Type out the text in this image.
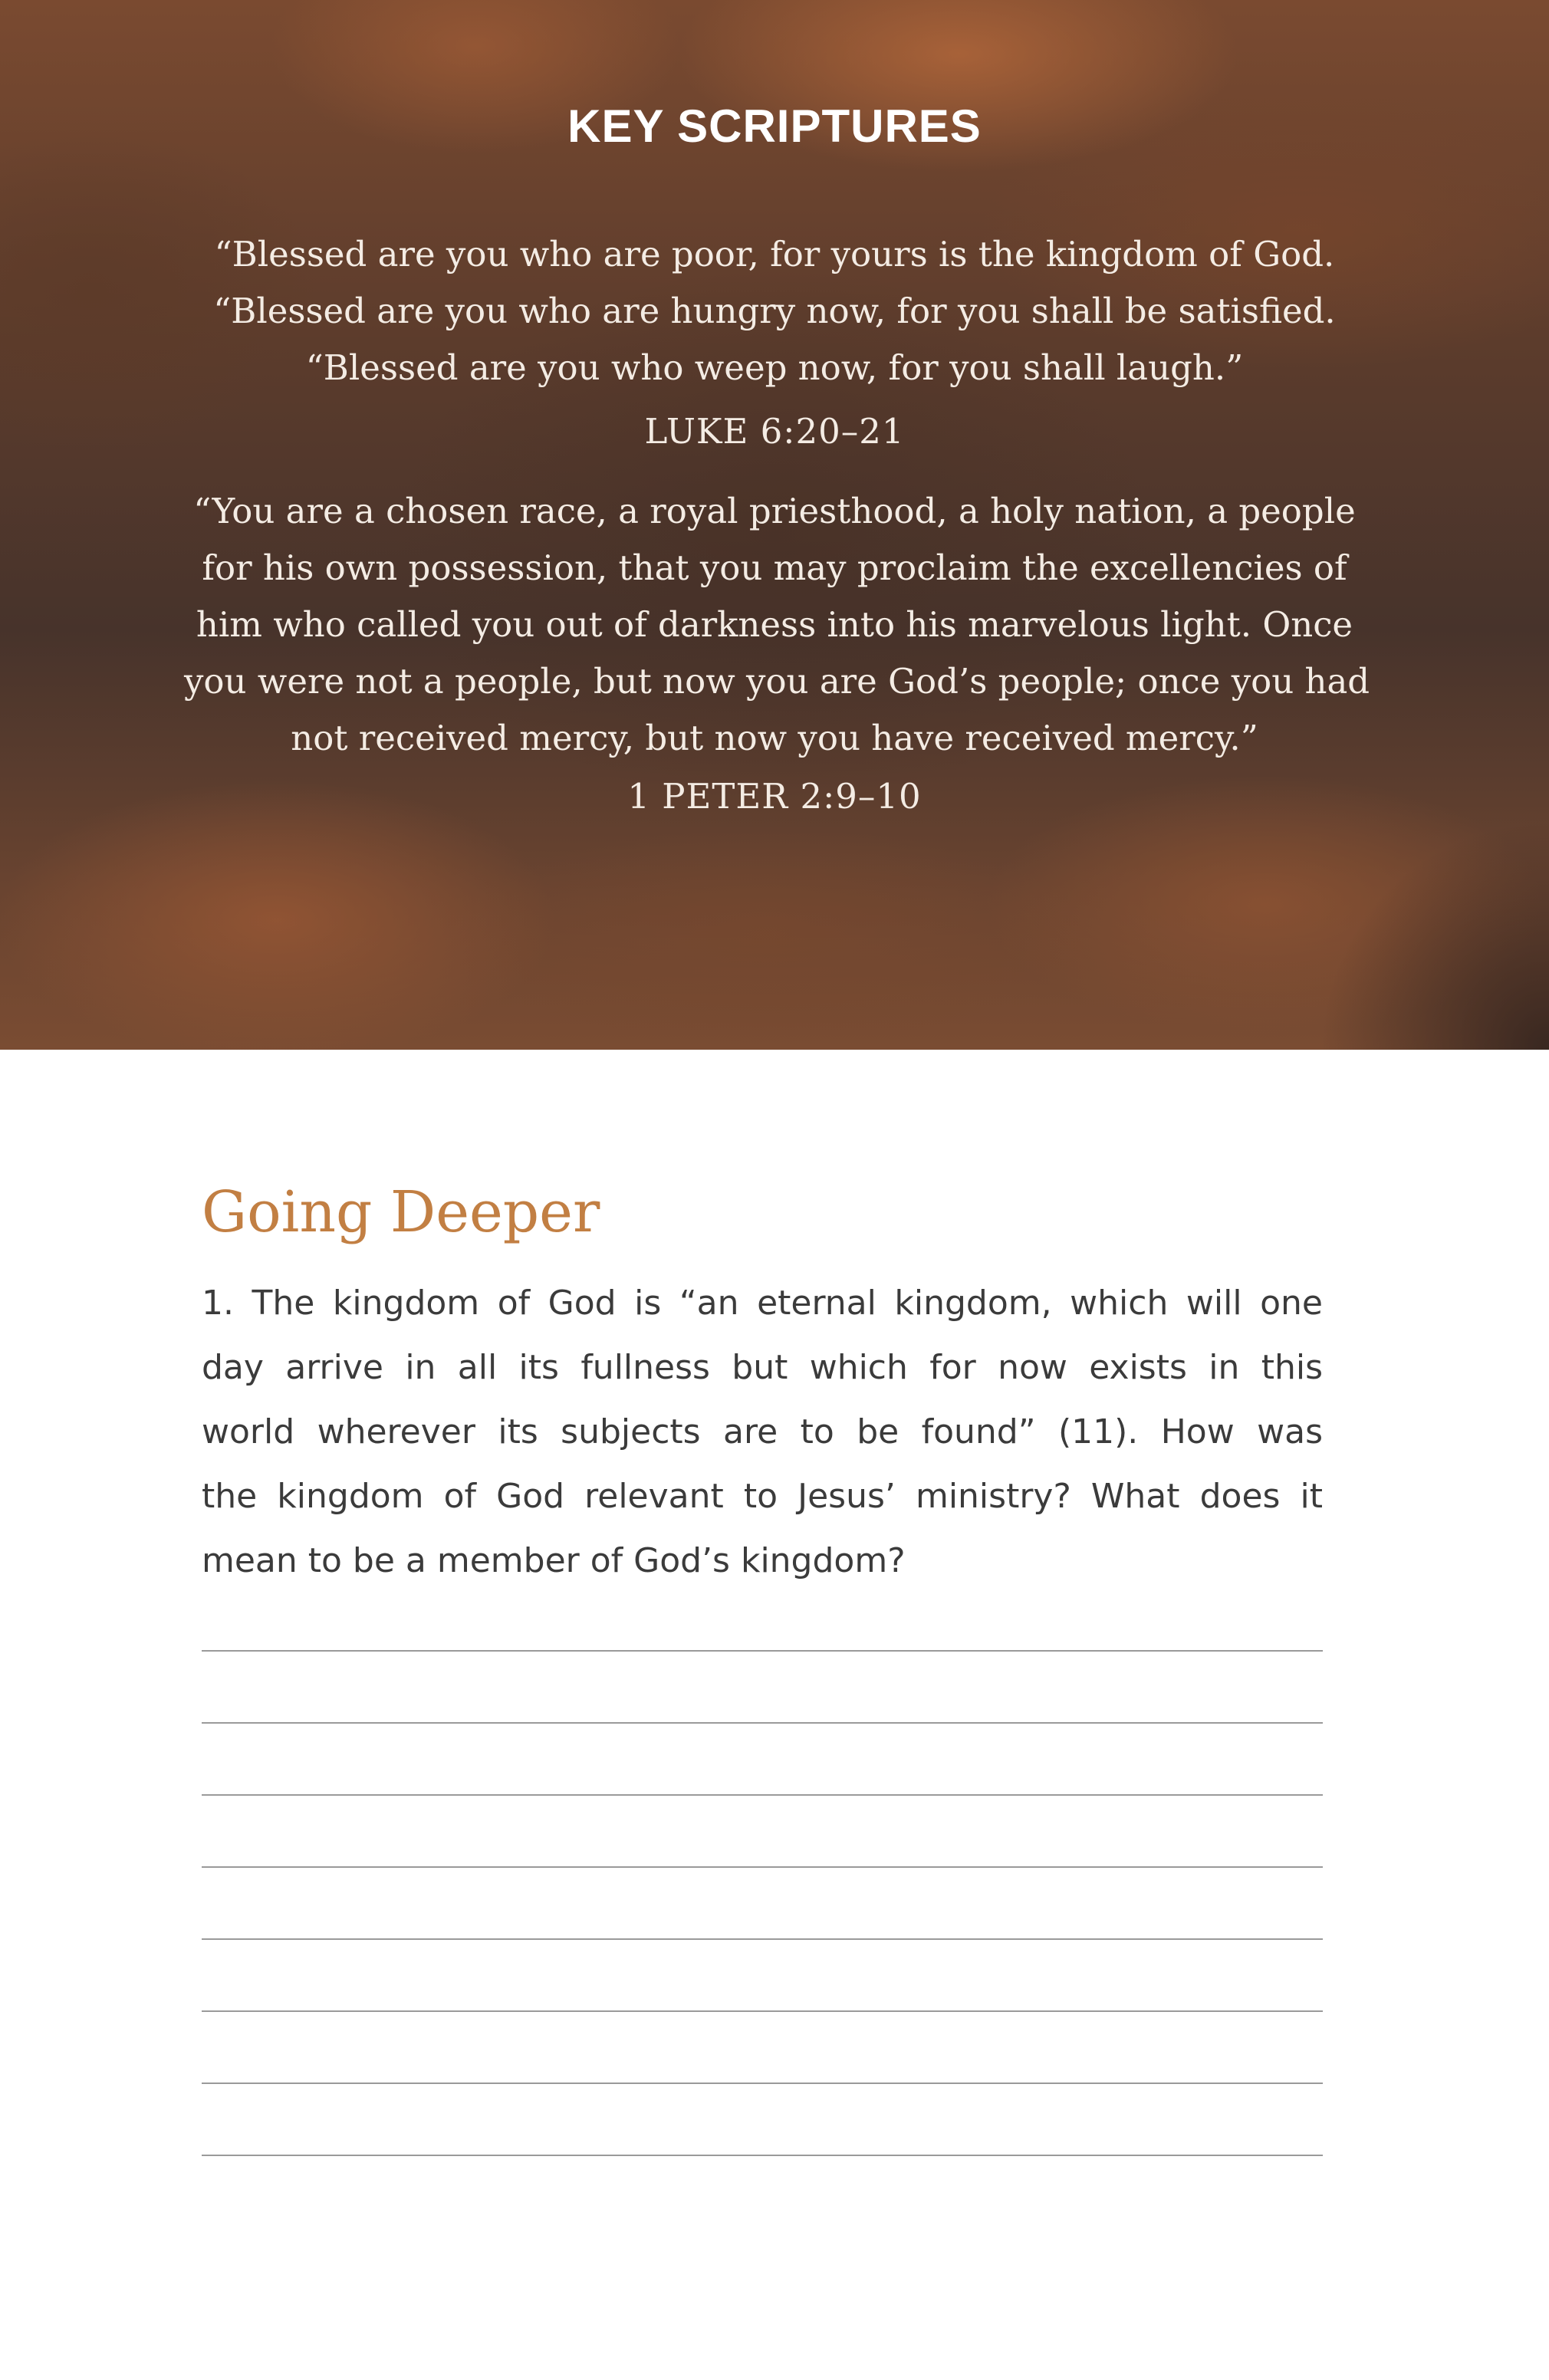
KEY SCRIPTURES

“Blessed are you who are poor, for yours is the kingdom of God.
“Blessed are you who are hungry now, for you shall be satisfied.
“Blessed are you who weep now, for you shall laugh.”

LUKE 6:20–21

“You are a chosen race, a royal priesthood, a holy nation, a people
for his own possession, that you may proclaim the excellencies of
him who called you out of darkness into his marvelous light. Once
you were not a people, but now you are God’s people; once you had
not received mercy, but now you have received mercy.”

1 PETER 2:9–10

Going Deeper

1. The kingdom of God is “an eternal kingdom, which will one
day arrive in all its fullness but which for now exists in this
world wherever its subjects are to be found” (11). How was
the kingdom of God relevant to Jesus’ ministry? What does it
mean to be a member of God’s kingdom?
